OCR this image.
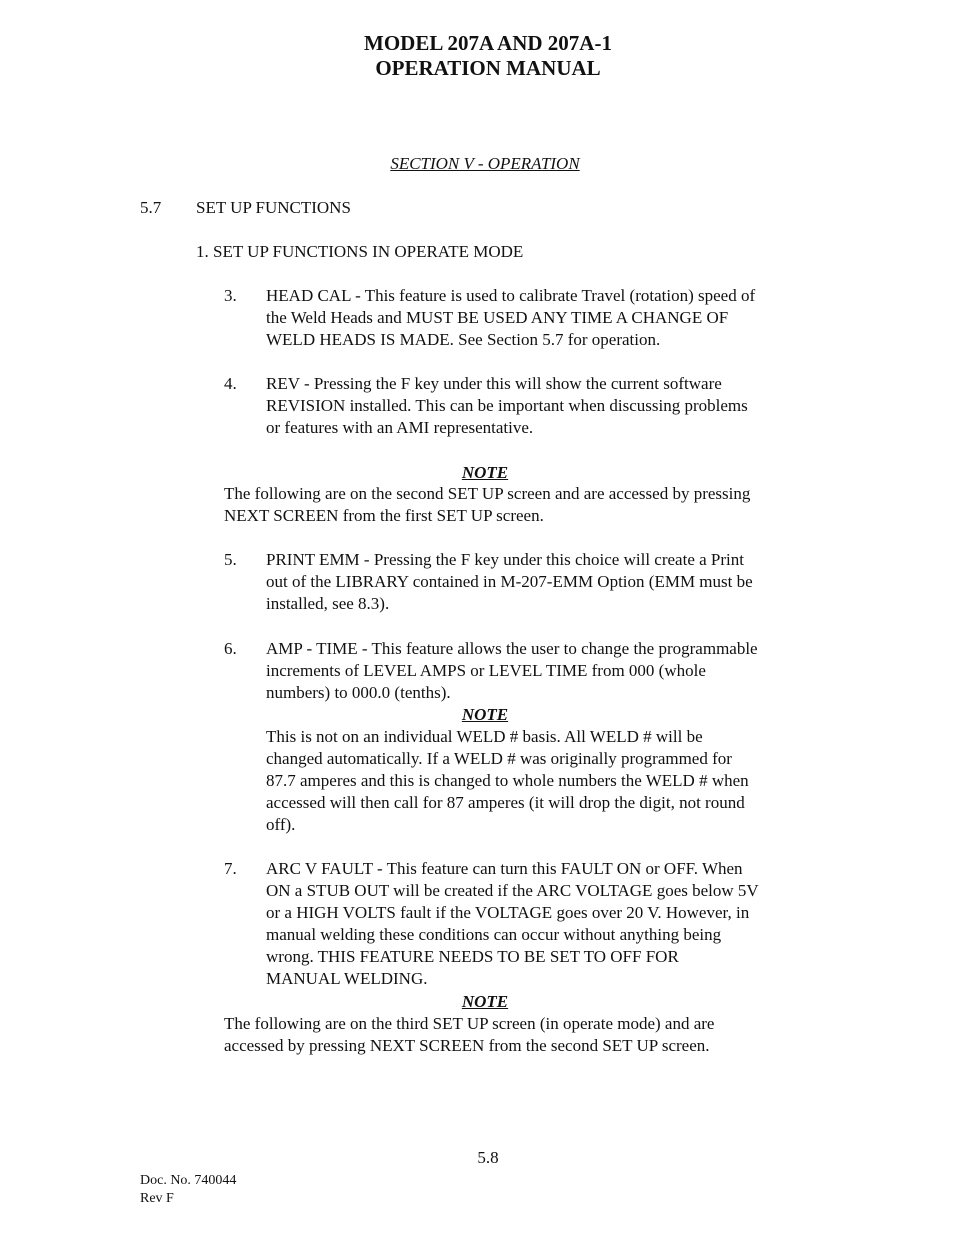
MODEL 207A AND 207A-1
OPERATION MANUAL
SECTION V - OPERATION
5.7 SET UP FUNCTIONS
1. SET UP FUNCTIONS IN OPERATE MODE
3.	HEAD CAL - This feature is used to calibrate Travel (rotation) speed of
the Weld Heads and MUST BE USED ANY TIME A CHANGE OF
WELD HEADS IS MADE. See Section 5.7 for operation.
4.	REV - Pressing the F key under this will show the current software
REVISION installed. This can be important when discussing problems
or features with an AMI representative.
NOTE
The following are on the second SET UP screen and are accessed by pressing
NEXT SCREEN from the first SET UP screen.
5.	PRINT EMM - Pressing the F key under this choice will create a Print
out of the LIBRARY contained in M-207-EMM Option (EMM must be
installed, see 8.3).
6.	AMP - TIME - This feature allows the user to change the programmable
increments of LEVEL AMPS or LEVEL TIME from 000 (whole
numbers) to 000.0 (tenths).
NOTE
This is not on an individual WELD # basis. All WELD # will be
changed automatically. If a WELD # was originally programmed for
87.7 amperes and this is changed to whole numbers the WELD # when
accessed will then call for 87 amperes (it will drop the digit, not round
off).
7.	ARC V FAULT - This feature can turn this FAULT ON or OFF. When
ON a STUB OUT will be created if the ARC VOLTAGE goes below 5V
or a HIGH VOLTS fault if the VOLTAGE goes over 20 V. However, in
manual welding these conditions can occur without anything being
wrong. THIS FEATURE NEEDS TO BE SET TO OFF FOR
MANUAL WELDING.
NOTE
The following are on the third SET UP screen (in operate mode) and are
accessed by pressing NEXT SCREEN from the second SET UP screen.
5.8
Doc. No. 740044
Rev F
